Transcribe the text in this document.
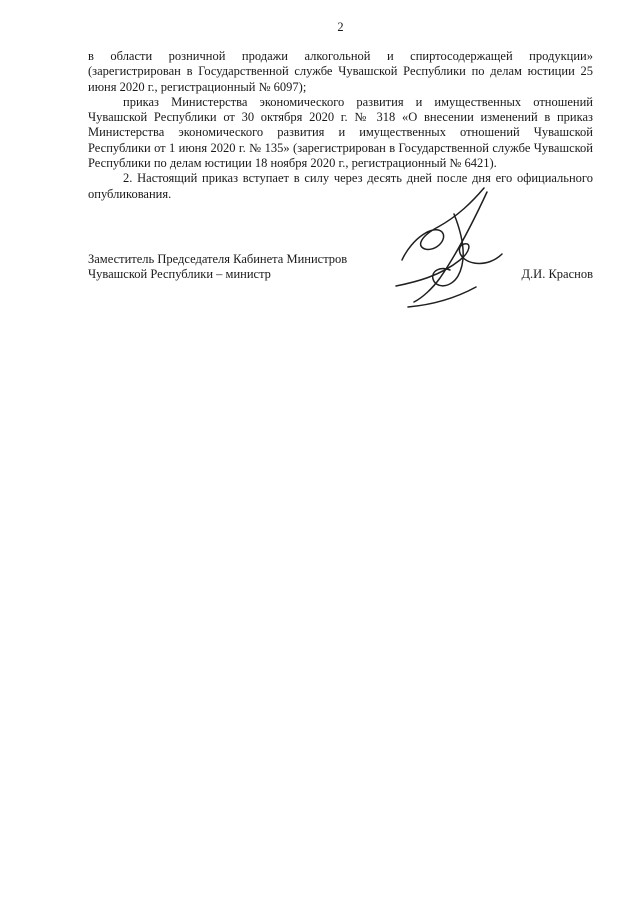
2

в области розничной продажи алкогольной и спиртосодержащей продукции» (зарегистрирован в Государственной службе Чувашской Республики по делам юстиции 25 июня 2020 г., регистрационный № 6097);

приказ Министерства экономического развития и имущественных отношений Чувашской Республики от 30 октября 2020 г. № 318 «О внесении изменений в приказ Министерства экономического развития и имущественных отношений Чувашской Республики от 1 июня 2020 г. № 135» (зарегистрирован в Государственной службе Чувашской Республики по делам юстиции 18 ноября 2020 г., регистрационный № 6421).

2. Настоящий приказ вступает в силу через десять дней после дня его официального опубликования.

Заместитель Председателя Кабинета Министров
Чувашской Республики – министр	Д.И. Краснов
